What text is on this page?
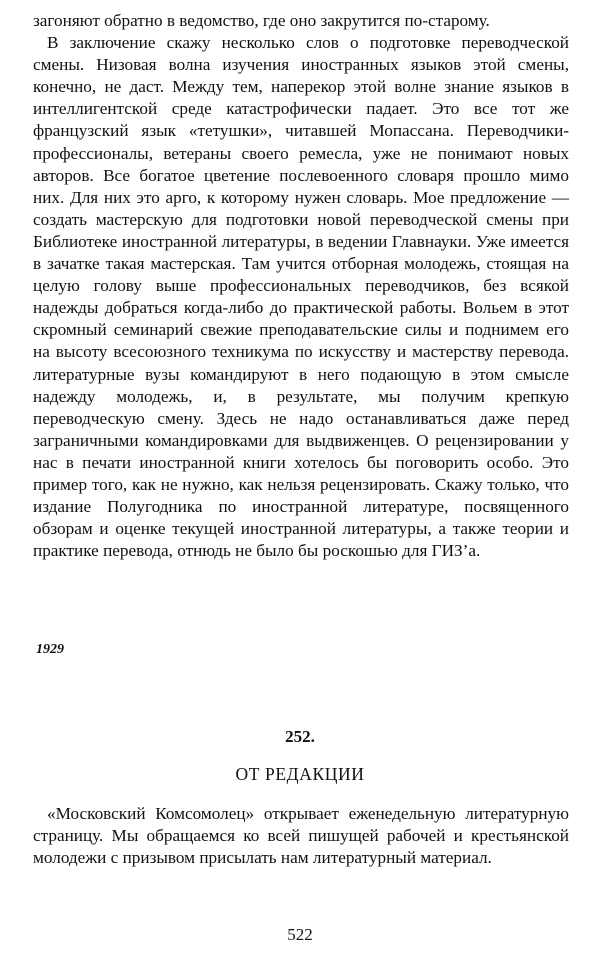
загоняют обратно в ведомство, где оно закрутится по-старому.

В заключение скажу несколько слов о подготовке переводческой смены. Низовая волна изучения иностранных языков этой смены, конечно, не даст. Между тем, наперекор этой волне знание языков в интеллигентской среде катастрофически падает. Это все тот же французский язык «тетушки», читавшей Мопассана. Переводчики-профессионалы, ветераны своего ремесла, уже не понимают новых авторов. Все богатое цветение послевоенного словаря прошло мимо них. Для них это арго, к которому нужен словарь. Мое предложение — создать мастерскую для подготовки новой переводческой смены при Библиотеке иностранной литературы, в ведении Главнауки. Уже имеется в зачатке такая мастерская. Там учится отборная молодежь, стоящая на целую голову выше профессиональных переводчиков, без всякой надежды добраться когда-либо до практической работы. Вольем в этот скромный семинарий свежие преподавательские силы и поднимем его на высоту всесоюзного техникума по искусству и мастерству перевода. литературные вузы командируют в него подающую в этом смысле надежду молодежь, и, в результате, мы получим крепкую переводческую смену. Здесь не надо останавливаться даже перед заграничными командировками для выдвиженцев. О рецензировании у нас в печати иностранной книги хотелось бы поговорить особо. Это пример того, как не нужно, как нельзя рецензировать. Скажу только, что издание Полугодника по иностранной литературе, посвященного обзорам и оценке текущей иностранной литературы, а также теории и практике перевода, отнюдь не было бы роскошью для ГИЗ’а.

1929

252.

ОТ РЕДАКЦИИ

«Московский Комсомолец» открывает еженедельную литературную страницу. Мы обращаемся ко всей пишущей рабочей и крестьянской молодежи с призывом присылать нам литературный материал.

522
